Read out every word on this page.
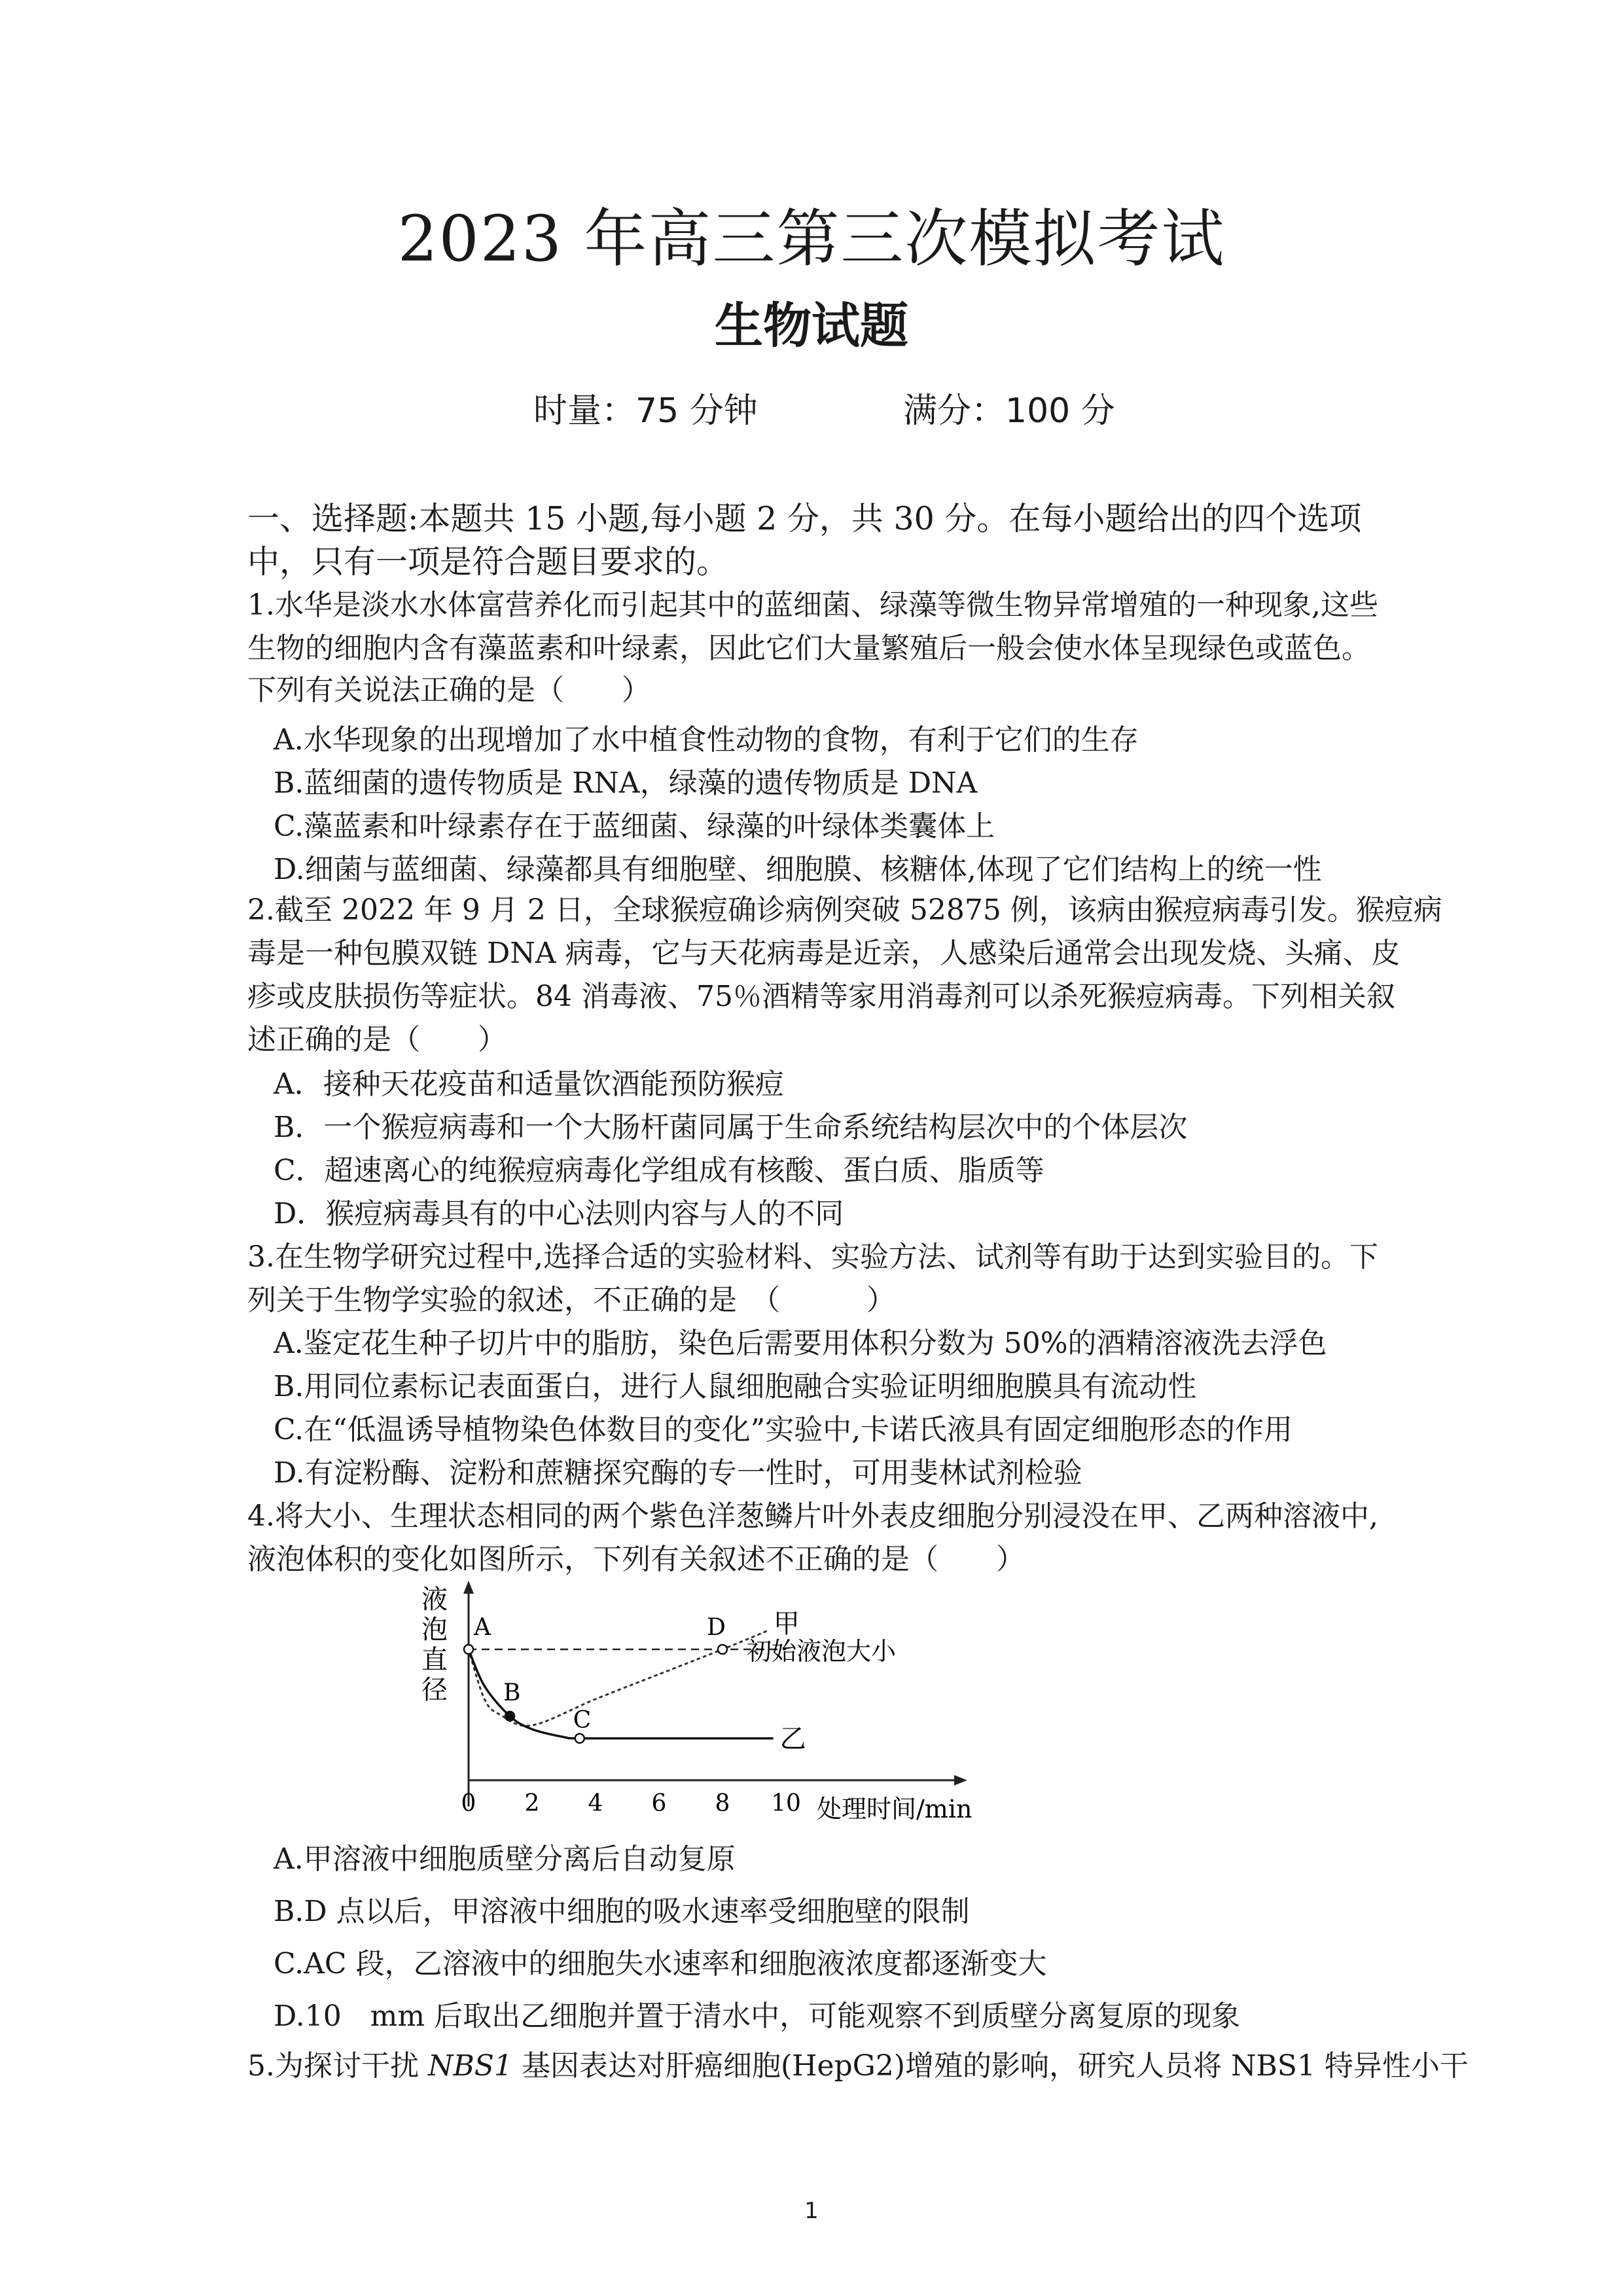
2023 年高三第三次模拟考试
生物试题
时量：75 分钟	满分：100 分
一、选择题:本题共 15 小题,每小题 2 分，共 30 分。在每小题给出的四个选项
中，只有一项是符合题目要求的。
1.水华是淡水水体富营养化而引起其中的蓝细菌、绿藻等微生物异常增殖的一种现象,这些
生物的细胞内含有藻蓝素和叶绿素，因此它们大量繁殖后一般会使水体呈现绿色或蓝色。
下列有关说法正确的是（　　）
A.水华现象的出现增加了水中植食性动物的食物，有利于它们的生存
B.蓝细菌的遗传物质是 RNA，绿藻的遗传物质是 DNA
C.藻蓝素和叶绿素存在于蓝细菌、绿藻的叶绿体类囊体上
D.细菌与蓝细菌、绿藻都具有细胞壁、细胞膜、核糖体,体现了它们结构上的统一性
2.截至 2022 年 9 月 2 日，全球猴痘确诊病例突破 52875 例，该病由猴痘病毒引发。猴痘病
毒是一种包膜双链 DNA 病毒，它与天花病毒是近亲，人感染后通常会出现发烧、头痛、皮
疹或皮肤损伤等症状。84 消毒液、75％酒精等家用消毒剂可以杀死猴痘病毒。下列相关叙
述正确的是（　　）
A．接种天花疫苗和适量饮酒能预防猴痘
B．一个猴痘病毒和一个大肠杆菌同属于生命系统结构层次中的个体层次
C．超速离心的纯猴痘病毒化学组成有核酸、蛋白质、脂质等
D．猴痘病毒具有的中心法则内容与人的不同
3.在生物学研究过程中,选择合适的实验材料、实验方法、试剂等有助于达到实验目的。下
列关于生物学实验的叙述，不正确的是　（　　　）
A.鉴定花生种子切片中的脂肪，染色后需要用体积分数为 50%的酒精溶液洗去浮色
B.用同位素标记表面蛋白，进行人鼠细胞融合实验证明细胞膜具有流动性
C.在“低温诱导植物染色体数目的变化”实验中,卡诺氏液具有固定细胞形态的作用
D.有淀粉酶、淀粉和蔗糖探究酶的专一性时，可用斐林试剂检验
4.将大小、生理状态相同的两个紫色洋葱鳞片叶外表皮细胞分别浸没在甲、乙两种溶液中,
液泡体积的变化如图所示，下列有关叙述不正确的是（　　）
液
泡
直
径
处理时间/min
0 2 4 6 8 10
初始液泡大小
甲
乙
A
B
C
D
A.甲溶液中细胞质壁分离后自动复原
B.D 点以后，甲溶液中细胞的吸水速率受细胞壁的限制
C.AC 段，乙溶液中的细胞失水速率和细胞液浓度都逐渐变大
D.10　mm 后取出乙细胞并置于清水中，可能观察不到质壁分离复原的现象
5.为探讨干扰 NBS1 基因表达对肝癌细胞(HepG2)增殖的影响，研究人员将 NBS1 特异性小干
1
